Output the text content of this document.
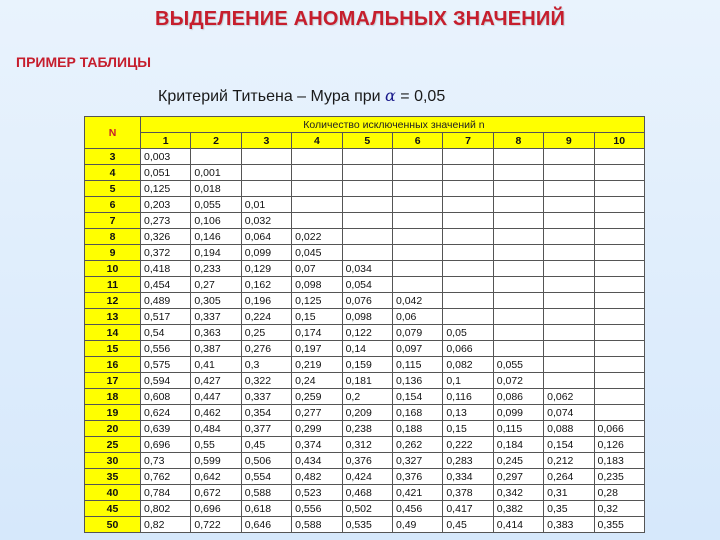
ВЫДЕЛЕНИЕ АНОМАЛЬНЫХ ЗНАЧЕНИЙ
ПРИМЕР ТАБЛИЦЫ
Критерий Титьена – Мура при α = 0,05
N	Количество исключенных значений n									
	1	2	3	4	5	6	7	8	9	10
3	0,003									
4	0,051	0,001								
5	0,125	0,018								
6	0,203	0,055	0,01							
7	0,273	0,106	0,032							
8	0,326	0,146	0,064	0,022						
9	0,372	0,194	0,099	0,045						
10	0,418	0,233	0,129	0,07	0,034					
11	0,454	0,27	0,162	0,098	0,054					
12	0,489	0,305	0,196	0,125	0,076	0,042				
13	0,517	0,337	0,224	0,15	0,098	0,06				
14	0,54	0,363	0,25	0,174	0,122	0,079	0,05			
15	0,556	0,387	0,276	0,197	0,14	0,097	0,066			
16	0,575	0,41	0,3	0,219	0,159	0,115	0,082	0,055		
17	0,594	0,427	0,322	0,24	0,181	0,136	0,1	0,072		
18	0,608	0,447	0,337	0,259	0,2	0,154	0,116	0,086	0,062	
19	0,624	0,462	0,354	0,277	0,209	0,168	0,13	0,099	0,074	
20	0,639	0,484	0,377	0,299	0,238	0,188	0,15	0,115	0,088	0,066
25	0,696	0,55	0,45	0,374	0,312	0,262	0,222	0,184	0,154	0,126
30	0,73	0,599	0,506	0,434	0,376	0,327	0,283	0,245	0,212	0,183
35	0,762	0,642	0,554	0,482	0,424	0,376	0,334	0,297	0,264	0,235
40	0,784	0,672	0,588	0,523	0,468	0,421	0,378	0,342	0,31	0,28
45	0,802	0,696	0,618	0,556	0,502	0,456	0,417	0,382	0,35	0,32
50	0,82	0,722	0,646	0,588	0,535	0,49	0,45	0,414	0,383	0,355
